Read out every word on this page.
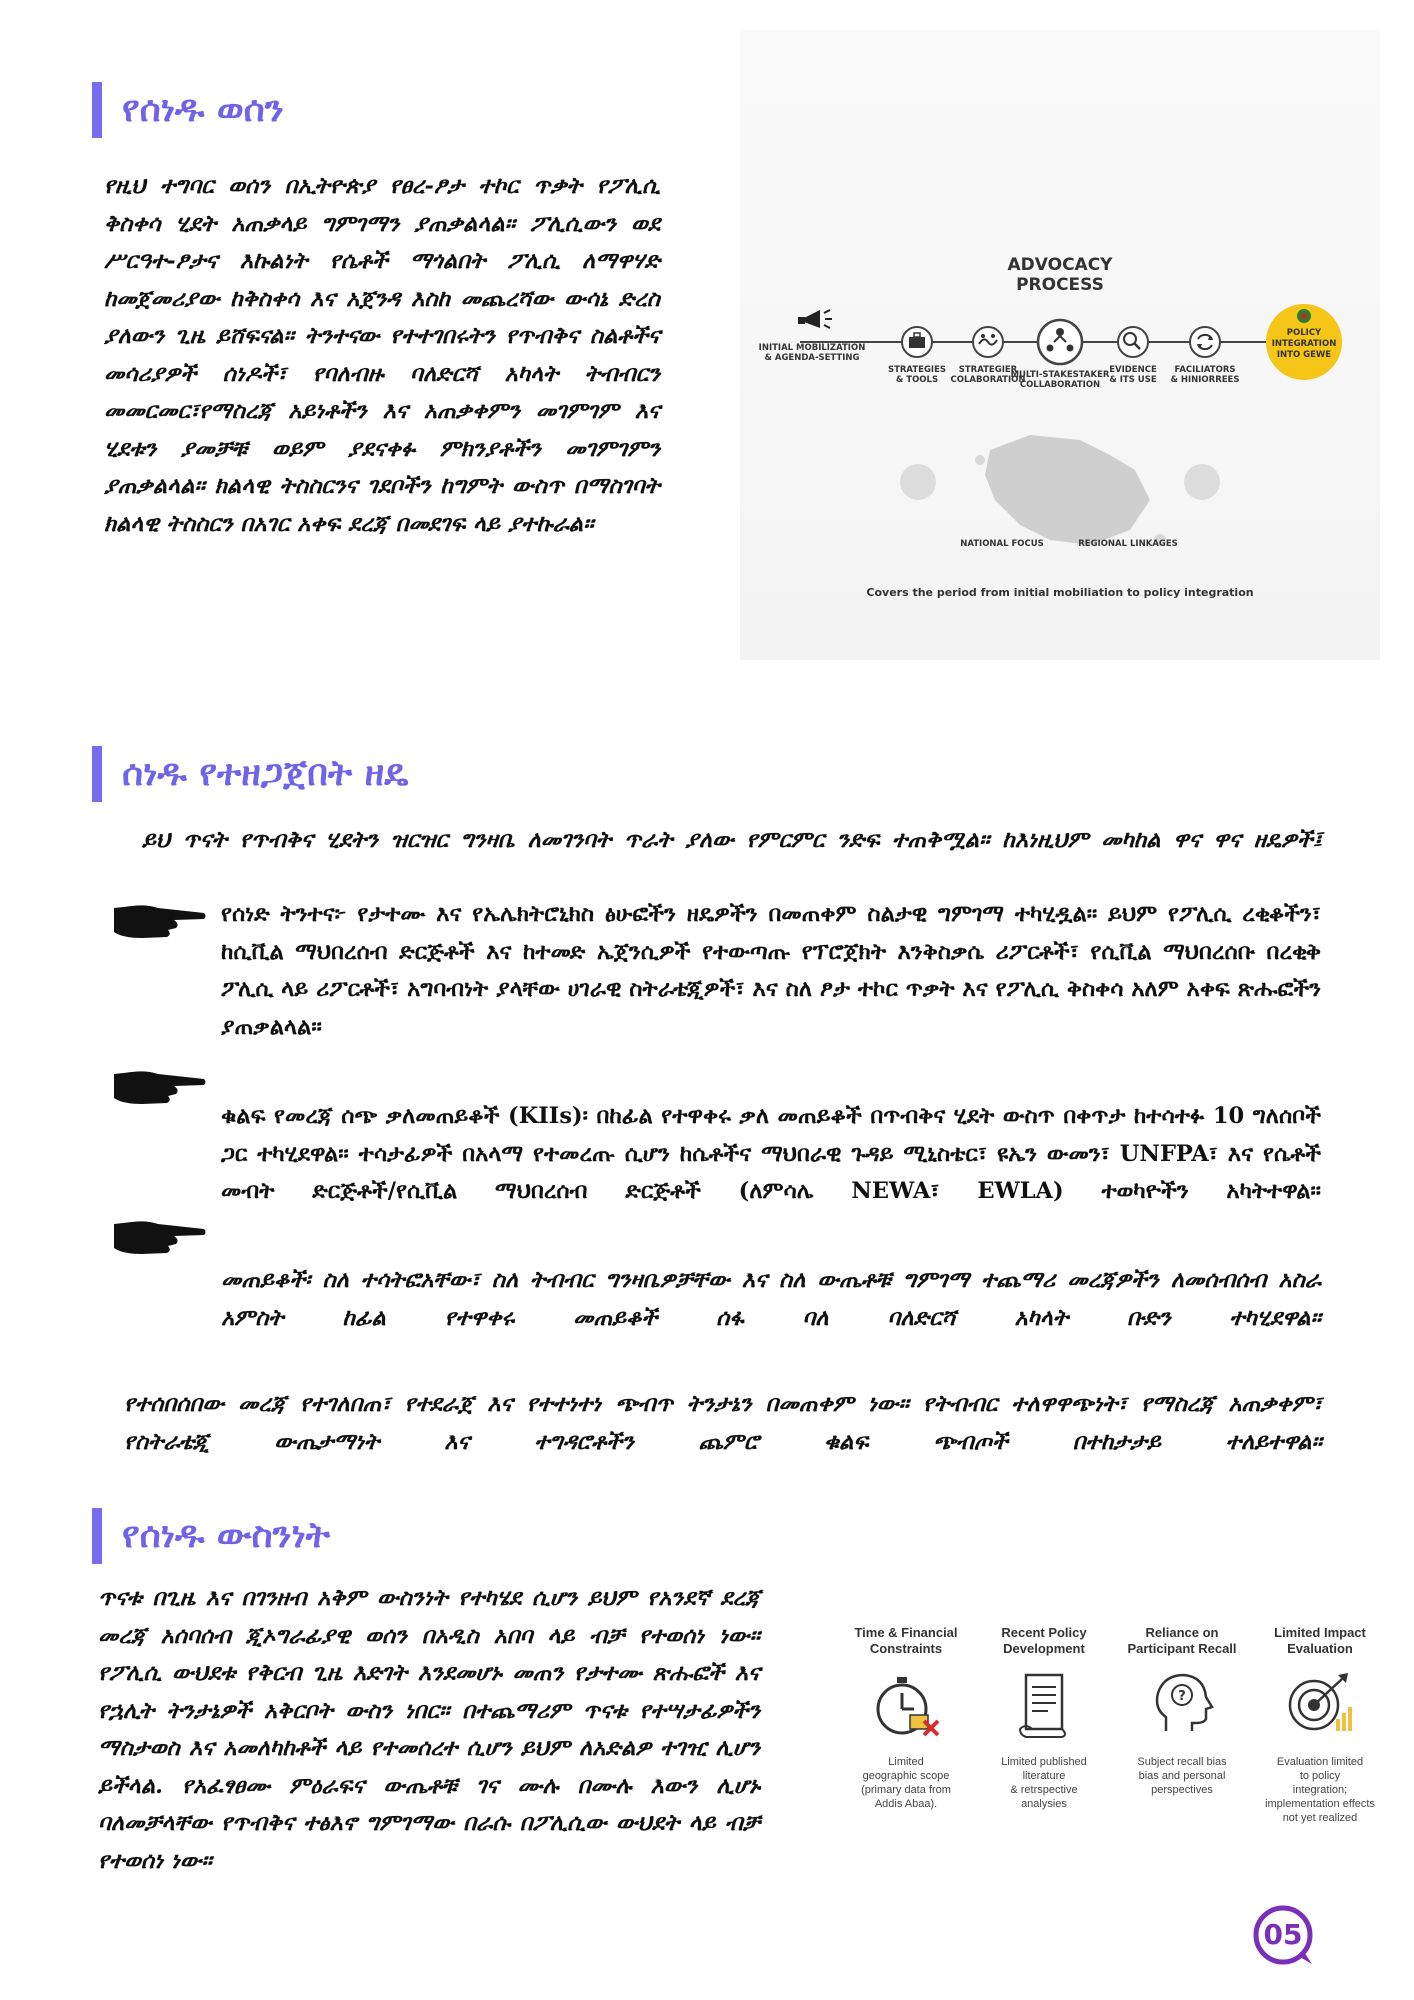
የሰነዱ ወሰን

የዚህ ተግባር ወሰን በኢትዮጵያ የፀረ-ፆታ ተኮር ጥቃት የፖሊሲ ቅስቀሳ ሂደት አጠቃላይ ግምገማን ያጠቃልላል። ፖሊሲውን ወደ ሥርዓተ-ፆታና እኩልነት የሴቶች ማጎልበት ፖሊሲ ለማዋሃድ ከመጀመሪያው ከቅስቀሳ እና አጀንዳ እስከ መጨረሻው ውሳኔ ድረስ ያለውን ጊዜ ይሸፍናል። ትንተናው የተተገበሩትን የጥብቅና ስልቶችና መሳሪያዎች ሰነዶች፣ የባለብዙ ባለድርሻ አካላት ትብብርን መመርመር፣የማስረጃ አይነቶችን እና አጠቃቀምን መገምገም እና ሂደቱን ያመቻቹ ወይም ያደናቀፉ ምክንያቶችን መገምገምን ያጠቃልላል። ክልላዊ ትስስርንና ገደቦችን ከግምት ውስጥ በማስገባት ክልላዊ ትስስርን በአገር አቀፍ ደረጃ በመደገፍ ላይ ያተኩራል።

ADVOCACY
PROCESS
INITIAL MOBILIZATION
& AGENDA-SETTING
STRATEGIES
& TOOLS
STRATEGIER
COLABORATION
MULTI-STAKESTAKER
COLLABORATION
EVIDENCE
& ITS USE
FACILIATORS
& HINIORREES
POLICY
INTEGRATION
INTO GEWE
NATIONAL FOCUS	REGIONAL LINKAGES
Covers the period from initial mobiliation to policy integration
ሰነዱ የተዘጋጀበት ዘዴ

ይህ ጥናት የጥብቅና ሂደትን ዝርዝር ግንዛቤ ለመገንባት ጥራት ያለው የምርምር ንድፍ ተጠቅሟል። ከእነዚህም መካከል ዋና ዋና ዘዴዎች፤

የሰነድ ትንተና፦ የታተሙ እና የኤሌክትሮኒክስ ፅሁፎችን ዘዴዎችን በመጠቀም ስልታዊ ግምገማ ተካሂዷል። ይህም የፖሊሲ ረቂቆችን፣ ከሲቪል ማህበረሰብ ድርጅቶች እና ከተመድ ኤጀንሲዎች የተውጣጡ የፕሮጀክት እንቅስቃሴ ሪፖርቶች፣ የሲቪል ማህበረሰቡ በረቂቅ ፖሊሲ ላይ ሪፖርቶች፣ አግባብነት ያላቸው ሀገራዊ ስትራቴጂዎች፣ እና ስለ ፆታ ተኮር ጥቃት እና የፖሊሲ ቅስቀሳ አለም አቀፍ ጽሑፎችን ያጠቃልላል።

ቁልፍ የመረጃ ሰጭ ቃለመጠይቆች (KIIs)፡ በከፊል የተዋቀሩ ቃለ መጠይቆች በጥብቅና ሂደት ውስጥ በቀጥታ ከተሳተፉ 10 ግለሰቦች ጋር ተካሂደዋል። ተሳታፊዎች በአላማ የተመረጡ ሲሆን ከሴቶችና ማህበራዊ ጉዳይ ሚኒስቴር፣ ዩኤን ውመን፣ UNFPA፣ እና የሴቶች መብት ድርጅቶች/የሲቪል ማህበረሰብ ድርጅቶች (ለምሳሌ NEWA፣ EWLA) ተወካዮችን አካትተዋል።

መጠይቆች፡ ስለ ተሳትፎአቸው፣ ስለ ትብብር ግንዛቤዎቻቸው እና ስለ ውጤቶቹ ግምገማ ተጨማሪ መረጃዎችን ለመሰብሰብ አስራ አምስት ከፊል የተዋቀሩ መጠይቆች ሰፋ ባለ ባለድርሻ አካላት ቡድን ተካሂደዋል።

የተሰበሰበው መረጃ የተገለበጠ፣ የተደራጀ እና የተተነተነ ጭብጥ ትንታኔን በመጠቀም ነው። የትብብር ተለዋዋጭነት፣ የማስረጃ አጠቃቀም፣ የስትራቴጂ ውጤታማነት እና ተግዳሮቶችን ጨምሮ ቁልፍ ጭብጦች በተከታታይ ተለይተዋል።

የሰነዱ ውስንነት

ጥናቱ በጊዜ እና በገንዘብ አቅም ውስንነት የተካሄደ ሲሆን ይህም የአንደኛ ደረጃ መረጃ አሰባሰብ ጂኦግራፊያዊ ወሰን በአዲስ አበባ ላይ ብቻ የተወሰነ ነው። የፖሊሲ ውህደቱ የቅርብ ጊዜ እድገት እንደመሆኑ መጠን የታተሙ ጽሑፎች እና የኋሊት ትንታኔዎች አቅርቦት ውስን ነበር። በተጨማሪም ጥናቱ የተሣታፊዎችን ማስታወስ እና አመለካከቶች ላይ የተመሰረተ ሲሆን ይህም ለአድልዎ ተገዢ ሊሆን ይችላል. የአፈፃፀሙ ምዕራፍና ውጤቶቹ ገና ሙሉ በሙሉ እውን ሊሆኑ ባለመቻላቸው የጥብቅና ተፅእኖ ግምገማው በራሱ በፖሊሲው ውህደት ላይ ብቻ የተወሰነ ነው።

Time & Financial
Constraints
Limited
geographic scope
(primary data from
Addis Abaa).
Recent Policy
Development
Limited published
literature
& retrspective
analysies
Reliance on
Participant Recall
?
Subject recall bias
bias and personal
perspectives
Limited Impact
Evaluation
Evaluation limited
to policy
integration;
implementation effects
not yet realized
05
